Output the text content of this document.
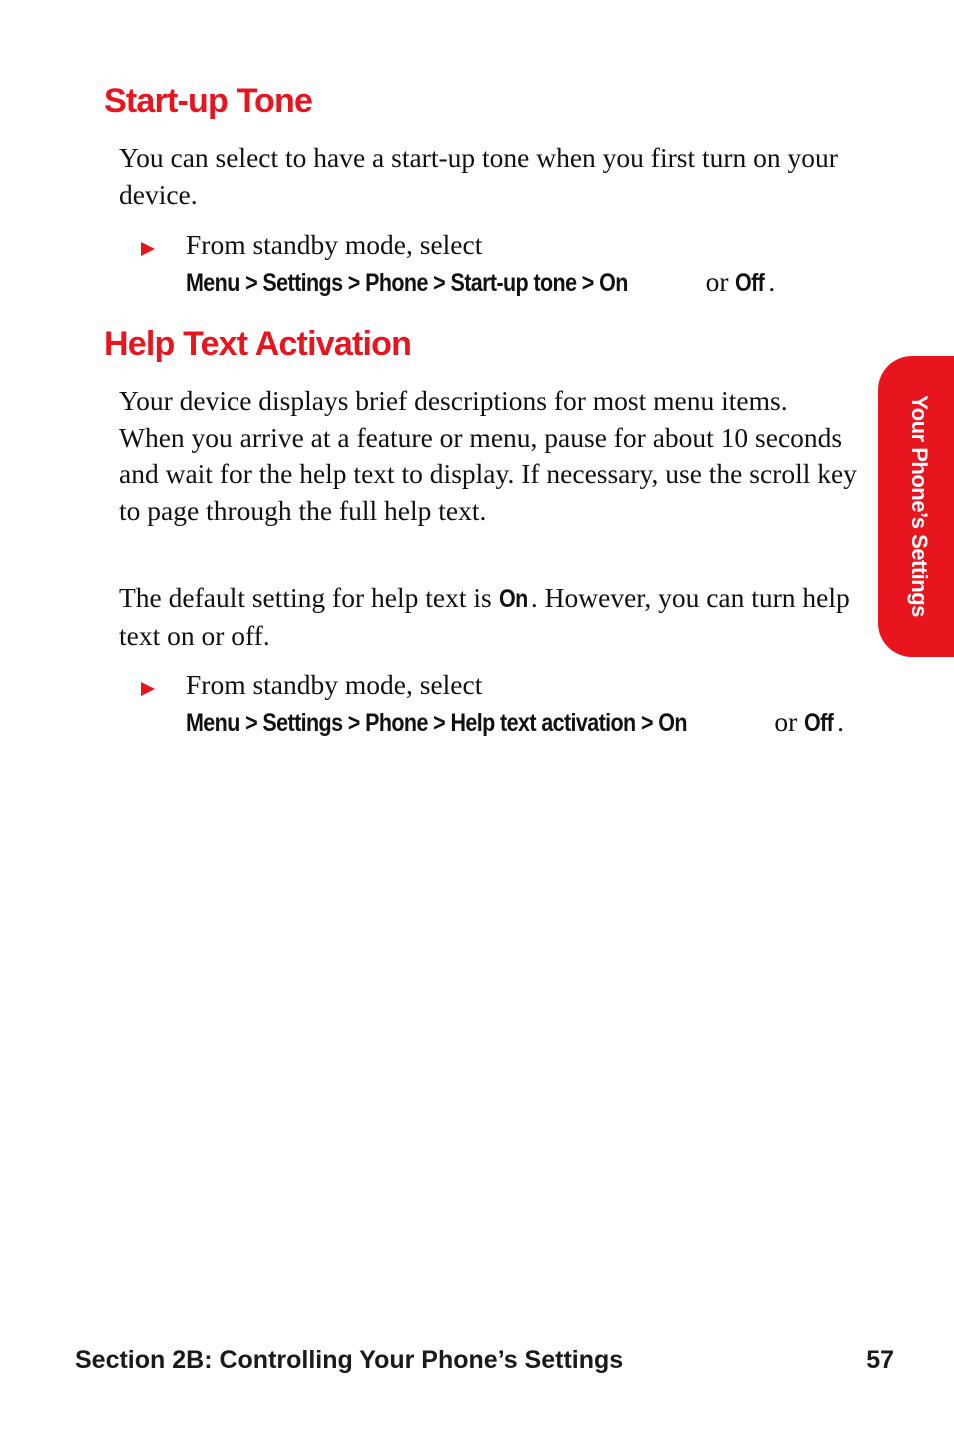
Start-up Tone

You can select to have a start-up tone when you first turn on your device.

From standby mode, select Menu > Settings > Phone > Start-up tone > On	or Off .

Help Text Activation

Your device displays brief descriptions for most menu items. When you arrive at a feature or menu, pause for about 10 seconds and wait for the help text to display. If necessary, use the scroll key to page through the full help text.

The default setting for help text is On . However, you can turn help text on or off.

From standby mode, select Menu > Settings > Phone > Help text activation > On	or Off .

Your Phone’s Settings

Section 2B: Controlling Your Phone’s Settings	57
